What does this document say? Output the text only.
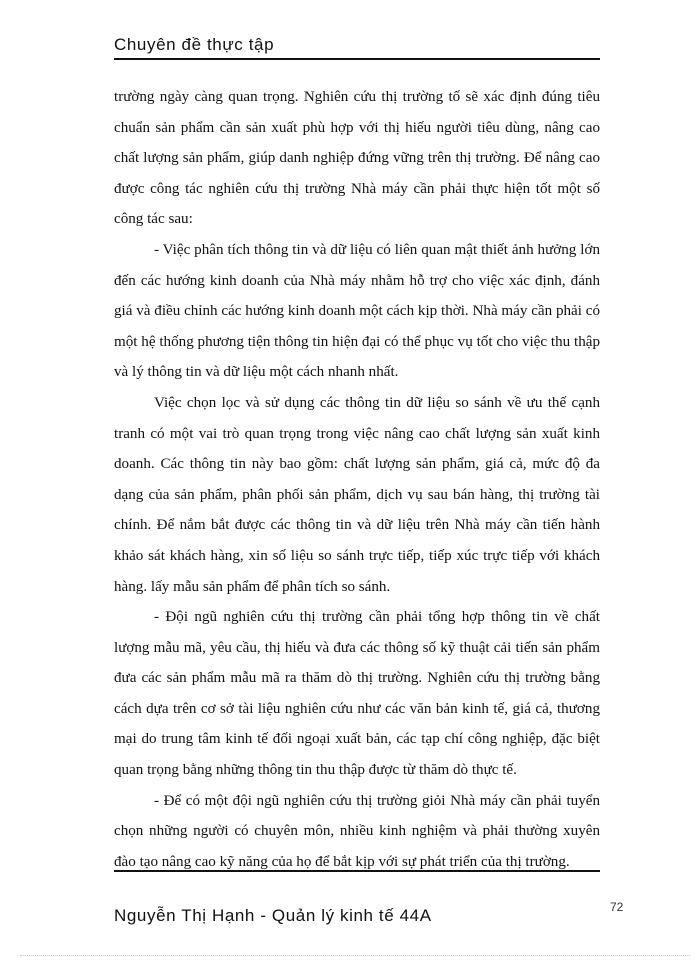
Chuyên đề thực tập

trường ngày càng quan trọng. Nghiên cứu thị trường tố sẽ xác định đúng tiêu chuẩn sản phẩm cần sản xuất phù hợp với thị hiếu người tiêu dùng, nâng cao chất lượng sản phẩm, giúp danh nghiệp đứng vững trên thị trường. Để nâng cao được công tác nghiên cứu thị trường Nhà máy cần phải thực hiện tốt một số công tác sau:

- Việc phân tích thông tin và dữ liệu có liên quan mật thiết ảnh hưởng lớn đến các hướng kinh doanh của Nhà máy nhằm hỗ trợ cho việc xác định, đánh giá và điều chỉnh các hướng kinh doanh một cách kịp thời. Nhà máy cần phải có một hệ thống phương tiện thông tin hiện đại có thể phục vụ tốt cho việc thu thập và lý thông tin và dữ liệu một cách nhanh nhất.

Việc chọn lọc và sử dụng các thông tin dữ liệu so sánh về ưu thế cạnh tranh có một vai trò quan trọng trong việc nâng cao chất lượng sản xuất kinh doanh. Các thông tin này bao gồm: chất lượng sản phẩm, giá cả, mức độ đa dạng của sản phẩm, phân phối sản phẩm, dịch vụ sau bán hàng, thị trường tài chính. Để nắm bắt được các thông tin và dữ liệu trên Nhà máy cần tiến hành khảo sát khách hàng, xin số liệu so sánh trực tiếp, tiếp xúc trực tiếp với khách hàng. lấy mẫu sản phẩm để phân tích so sánh.

- Đội ngũ nghiên cứu thị trường cần phải tổng hợp thông tin về chất lượng mẫu mã, yêu cầu, thị hiếu và đưa các thông số kỹ thuật cải tiến sản phẩm đưa các sản phẩm mẫu mã ra thăm dò thị trường. Nghiên cứu thị trường bằng cách dựa trên cơ sở tài liệu nghiên cứu như các văn bản kinh tế, giá cả, thương mại do trung tâm kinh tế đối ngoại xuất bản, các tạp chí công nghiệp, đặc biệt quan trọng bằng những thông tin thu thập được từ thăm dò thực tế.

- Để có một đội ngũ nghiên cứu thị trường giỏi Nhà máy cần phải tuyển chọn những người có chuyên môn, nhiều kinh nghiệm và phải thường xuyên đào tạo nâng cao kỹ năng của họ để bắt kịp với sự phát triển của thị trường.

72
Nguyễn Thị Hạnh - Quản lý kinh tế 44A
